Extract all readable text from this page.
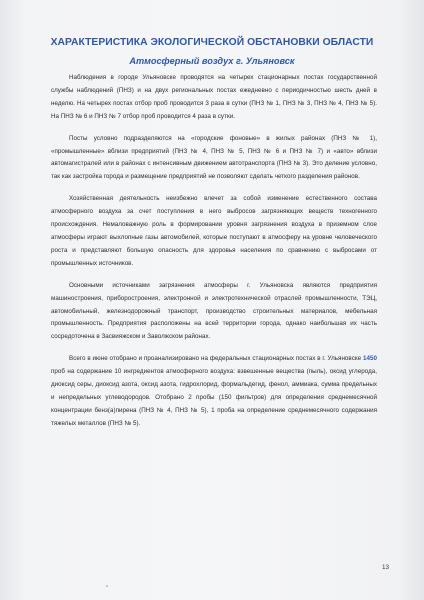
ХАРАКТЕРИСТИКА ЭКОЛОГИЧЕСКОЙ ОБСТАНОВКИ ОБЛАСТИ
Атмосферный воздух г. Ульяновск

Наблюдения в городе Ульяновске проводятся на четырех стационарных постах государственной службы наблюдений (ПНЗ) и на двух региональных постах ежедневно с периодичностью шесть дней в неделю. На четырех постах отбор проб проводится 3 раза в сутки (ПНЗ № 1, ПНЗ № 3, ПНЗ № 4, ПНЗ № 5). На ПНЗ № 6 и ПНЗ № 7 отбор проб проводится 4 раза в сутки.

Посты условно подразделяются на «городские фоновые» в жилых районах (ПНЗ № 1), «промышленные» вблизи предприятий (ПНЗ № 4, ПНЗ № 5, ПНЗ № 6 и ПНЗ № 7) и «авто» вблизи автомагистралей или в районах с интенсивным движением автотранспорта (ПНЗ № 3). Это деление условно, так как застройка города и размещение предприятий не позволяют сделать четкого разделения районов.

Хозяйственная деятельность неизбежно влечет за собой изменение естественного состава атмосферного воздуха за счет поступления в него выбросов загрязняющих веществ техногенного происхождения. Немаловажную роль в формировании уровня загрязнения воздуха в приземном слое атмосферы играют выхлопные газы автомобилей, которые поступают в атмосферу на уровне человеческого роста и представляют большую опасность для здоровья населения по сравнению с выбросами от промышленных источников.

Основными источниками загрязнения атмосферы г. Ульяновска являются предприятия машиностроения, приборостроения, электронной и электротехнической отраслей промышленности, ТЭЦ, автомобильный, железнодорожный транспорт, производство строительных материалов, мебельная промышленность. Предприятия расположены на всей территории города, однако наибольшая их часть сосредоточена в Засвияжском и Заволжском районах.

Всего в июне отобрано и проанализировано на федеральных стационарных постах в г. Ульяновске 1450 проб на содержание 10 ингредиентов атмосферного воздуха: взвешенные вещества (пыль), оксид углерода, диоксид серы, диоксид азота, оксид азота, гидрохлорид, формальдегид, фенол, аммиака, сумма предельных и непредельных углеводородов. Отобрано 2 пробы (150 фильтров) для определения среднемесячной концентрации бенз(а)пирена (ПНЗ № 4, ПНЗ № 5), 1 проба на определение среднемесячного содержания тяжелых металлов (ПНЗ № 5).

13
